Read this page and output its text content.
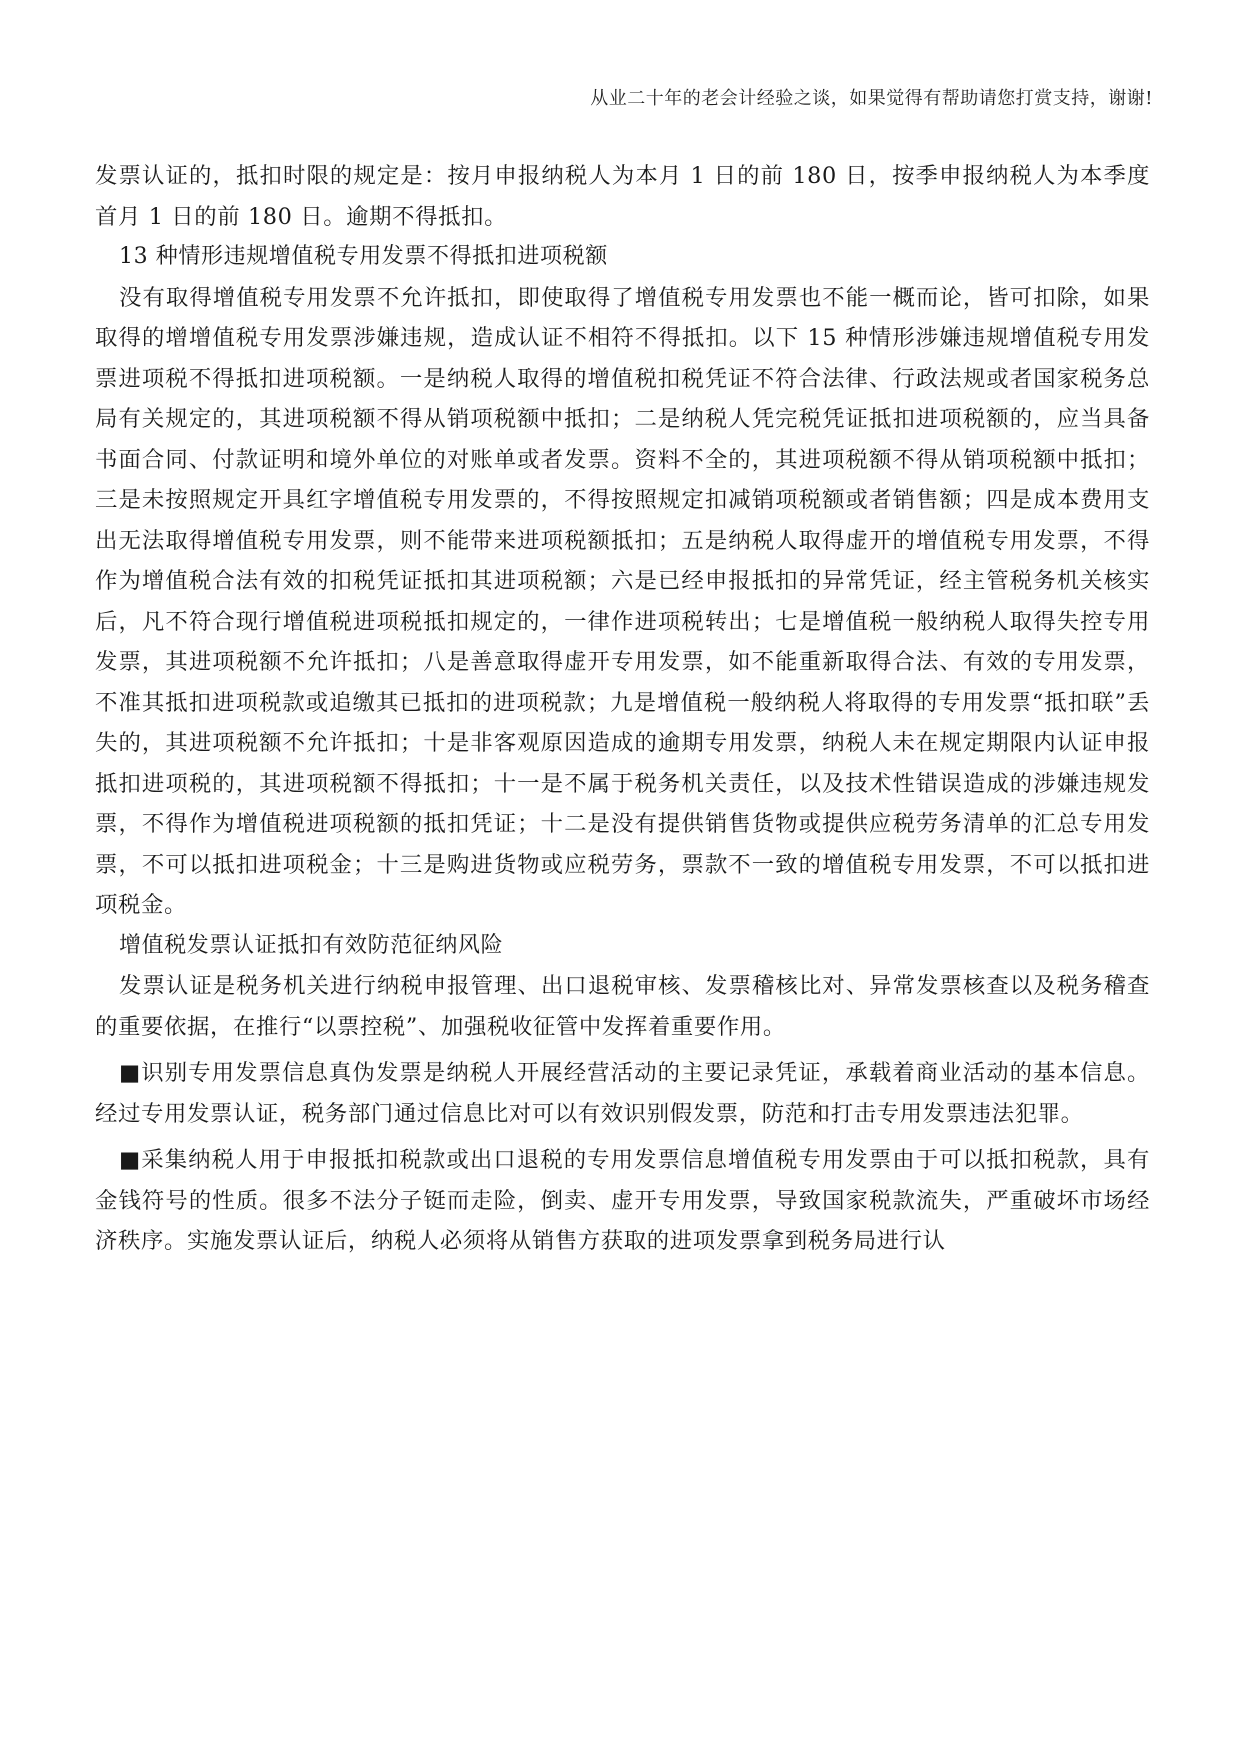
从业二十年的老会计经验之谈，如果觉得有帮助请您打赏支持，谢谢!

发票认证的，抵扣时限的规定是：按月申报纳税人为本月 1 日的前 180 日，按季申报纳税人为本季度首月 1 日的前 180 日。逾期不得抵扣。

13 种情形违规增值税专用发票不得抵扣进项税额

没有取得增值税专用发票不允许抵扣，即使取得了增值税专用发票也不能一概而论，皆可扣除，如果取得的增增值税专用发票涉嫌违规，造成认证不相符不得抵扣。以下 15 种情形涉嫌违规增值税专用发票进项税不得抵扣进项税额。一是纳税人取得的增值税扣税凭证不符合法律、行政法规或者国家税务总局有关规定的，其进项税额不得从销项税额中抵扣；二是纳税人凭完税凭证抵扣进项税额的，应当具备书面合同、付款证明和境外单位的对账单或者发票。资料不全的，其进项税额不得从销项税额中抵扣；三是未按照规定开具红字增值税专用发票的，不得按照规定扣减销项税额或者销售额；四是成本费用支出无法取得增值税专用发票，则不能带来进项税额抵扣；五是纳税人取得虚开的增值税专用发票，不得作为增值税合法有效的扣税凭证抵扣其进项税额；六是已经申报抵扣的异常凭证，经主管税务机关核实后，凡不符合现行增值税进项税抵扣规定的，一律作进项税转出；七是增值税一般纳税人取得失控专用发票，其进项税额不允许抵扣；八是善意取得虚开专用发票，如不能重新取得合法、有效的专用发票，不准其抵扣进项税款或追缴其已抵扣的进项税款；九是增值税一般纳税人将取得的专用发票“抵扣联”丢失的，其进项税额不允许抵扣；十是非客观原因造成的逾期专用发票，纳税人未在规定期限内认证申报抵扣进项税的，其进项税额不得抵扣；十一是不属于税务机关责任，以及技术性错误造成的涉嫌违规发票，不得作为增值税进项税额的抵扣凭证；十二是没有提供销售货物或提供应税劳务清单的汇总专用发票，不可以抵扣进项税金；十三是购进货物或应税劳务，票款不一致的增值税专用发票，不可以抵扣进项税金。

增值税发票认证抵扣有效防范征纳风险

发票认证是税务机关进行纳税申报管理、出口退税审核、发票稽核比对、异常发票核查以及税务稽查的重要依据，在推行“以票控税”、加强税收征管中发挥着重要作用。

■识别专用发票信息真伪发票是纳税人开展经营活动的主要记录凭证，承载着商业活动的基本信息。经过专用发票认证，税务部门通过信息比对可以有效识别假发票，防范和打击专用发票违法犯罪。

■采集纳税人用于申报抵扣税款或出口退税的专用发票信息增值税专用发票由于可以抵扣税款，具有金钱符号的性质。很多不法分子铤而走险，倒卖、虚开专用发票，导致国家税款流失，严重破坏市场经济秩序。实施发票认证后，纳税人必须将从销售方获取的进项发票拿到税务局进行认
